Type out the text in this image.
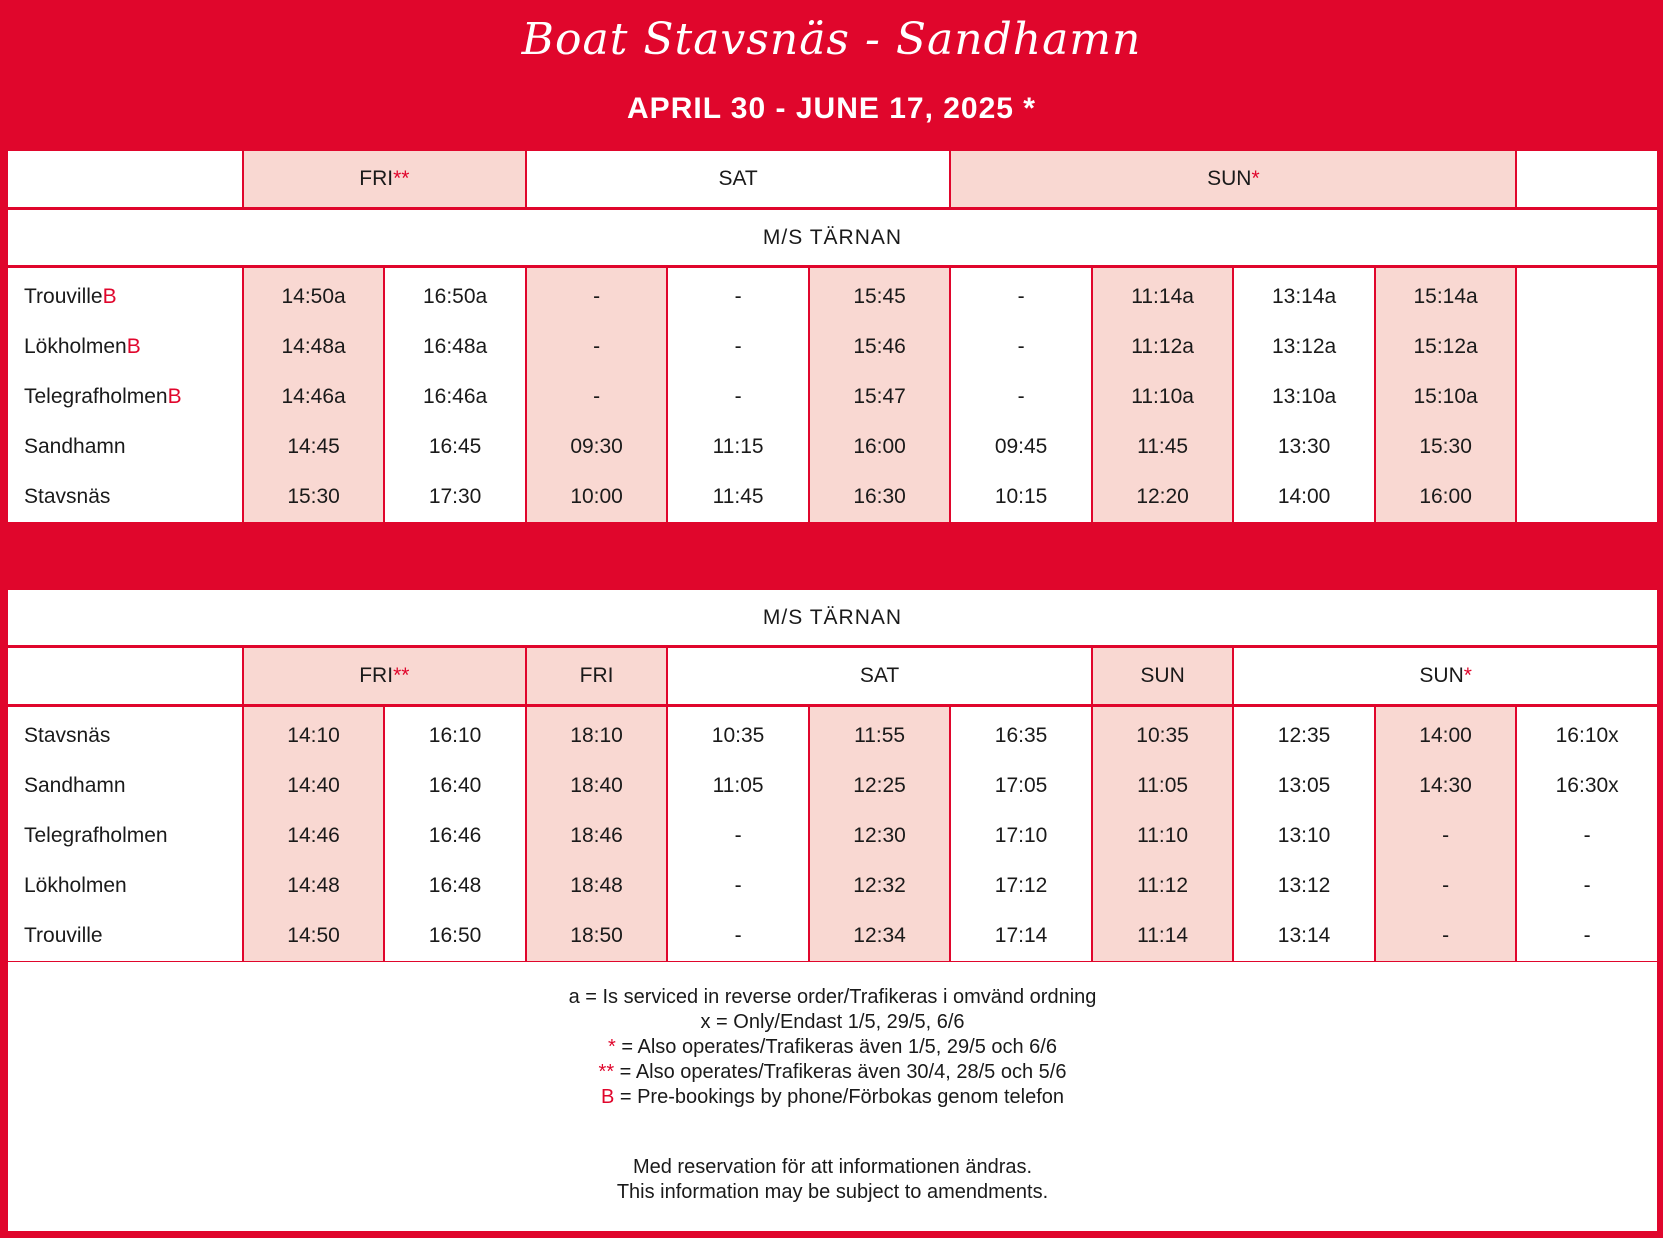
Boat Stavsnäs - Sandhamn
APRIL 30 - JUNE 17, 2025 *
	FRI**		SAT			SUN*				
M/S TÄRNAN										
TrouvilleB	14:50a	16:50a	-	-	15:45	-	11:14a	13:14a	15:14a	
LökholmenB	14:48a	16:48a	-	-	15:46	-	11:12a	13:12a	15:12a	
TelegrafholmenB	14:46a	16:46a	-	-	15:47	-	11:10a	13:10a	15:10a	
Sandhamn	14:45	16:45	09:30	11:15	16:00	09:45	11:45	13:30	15:30	
Stavsnäs	15:30	17:30	10:00	11:45	16:30	10:15	12:20	14:00	16:00	
M/S TÄRNAN										
	FRI**		FRI	SAT			SUN	SUN*		
Stavsnäs	14:10	16:10	18:10	10:35	11:55	16:35	10:35	12:35	14:00	16:10x
Sandhamn	14:40	16:40	18:40	11:05	12:25	17:05	11:05	13:05	14:30	16:30x
Telegrafholmen	14:46	16:46	18:46	-	12:30	17:10	11:10	13:10	-	-
Lökholmen	14:48	16:48	18:48	-	12:32	17:12	11:12	13:12	-	-
Trouville	14:50	16:50	18:50	-	12:34	17:14	11:14	13:14	-	-
a = Is serviced in reverse order/Trafikeras i omvänd ordning
x = Only/Endast 1/5, 29/5, 6/6
* = Also operates/Trafikeras även 1/5, 29/5 och 6/6
** = Also operates/Trafikeras även 30/4, 28/5 och 5/6
B = Pre-bookings by phone/Förbokas genom telefon
Med reservation för att informationen ändras.
This information may be subject to amendments.
